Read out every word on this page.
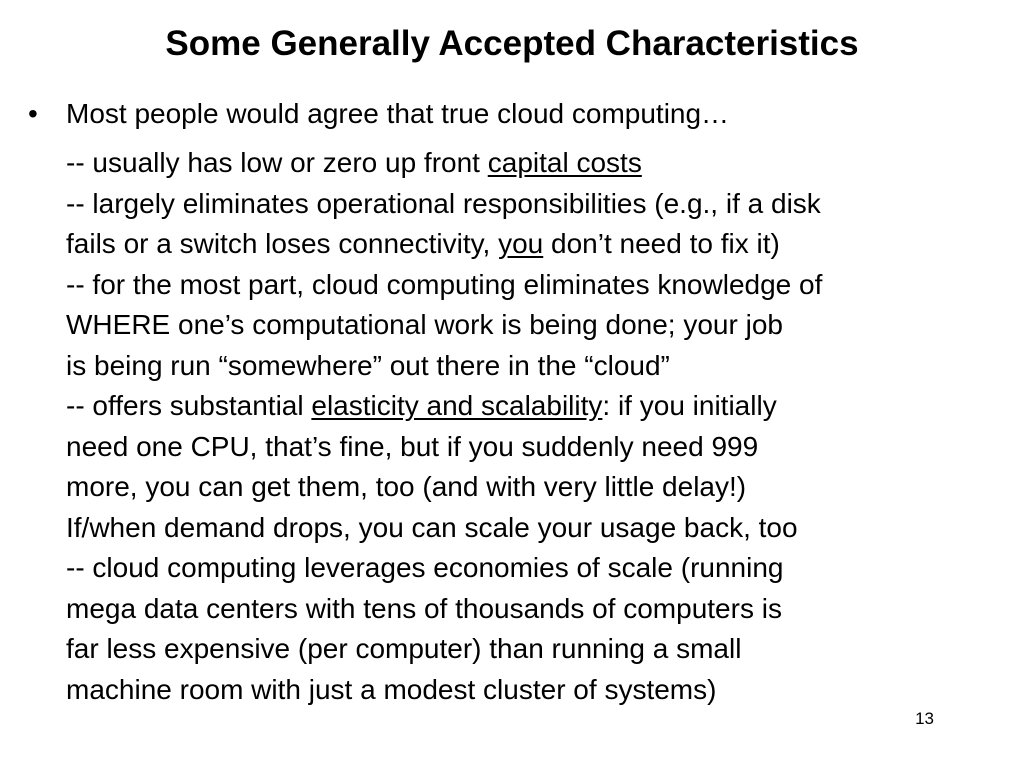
Some Generally Accepted Characteristics
• Most people would agree that true cloud computing…
-- usually has low or zero up front capital costs
-- largely eliminates operational responsibilities (e.g., if a disk
fails or a switch loses connectivity, you don’t need to fix it)
-- for the most part, cloud computing eliminates knowledge of
WHERE one’s computational work is being done; your job
is being run “somewhere” out there in the “cloud”
-- offers substantial elasticity and scalability: if you initially
need one CPU, that’s fine, but if you suddenly need 999
more, you can get them, too (and with very little delay!)
If/when demand drops, you can scale your usage back, too
-- cloud computing leverages economies of scale (running
mega data centers with tens of thousands of computers is
far less expensive (per computer) than running a small
machine room with just a modest cluster of systems)
13
